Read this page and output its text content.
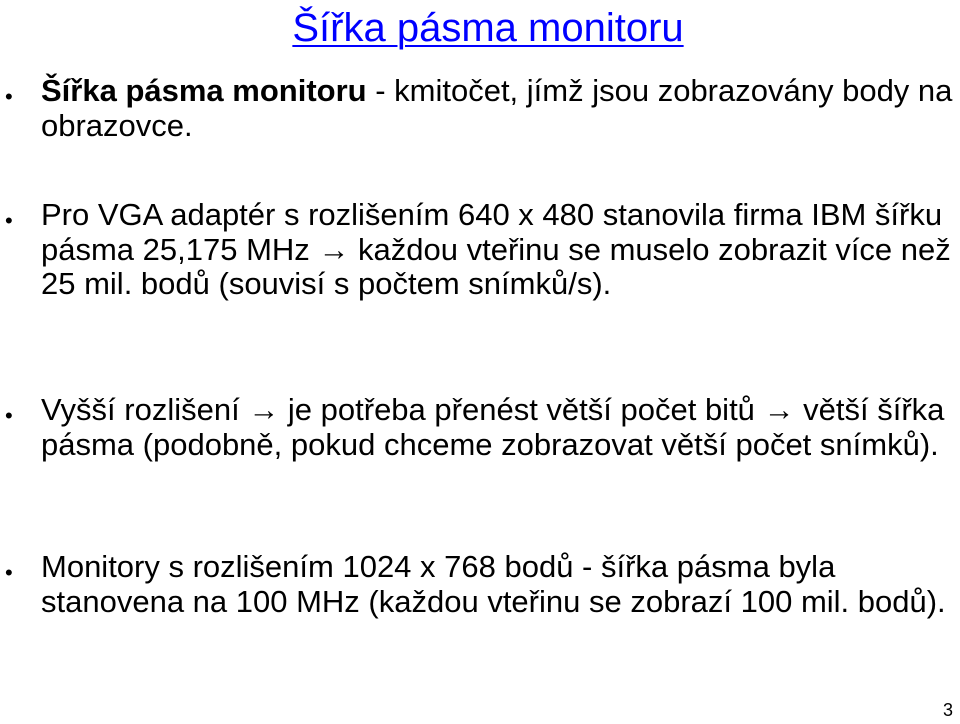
Šířka pásma monitoru
• Šířka pásma monitoru - kmitočet, jímž jsou zobrazovány body na obrazovce.

• Pro VGA adaptér s rozlišením 640 x 480 stanovila firma IBM šířku pásma 25,175 MHz → každou vteřinu se muselo zobrazit více než 25 mil. bodů (souvisí s počtem snímků/s).

• Vyšší rozlišení → je potřeba přenést větší počet bitů → větší šířka pásma (podobně, pokud chceme zobrazovat větší počet snímků).

• Monitory s rozlišením 1024 x 768 bodů - šířka pásma byla stanovena na 100 MHz (každou vteřinu se zobrazí 100 mil. bodů).

3
